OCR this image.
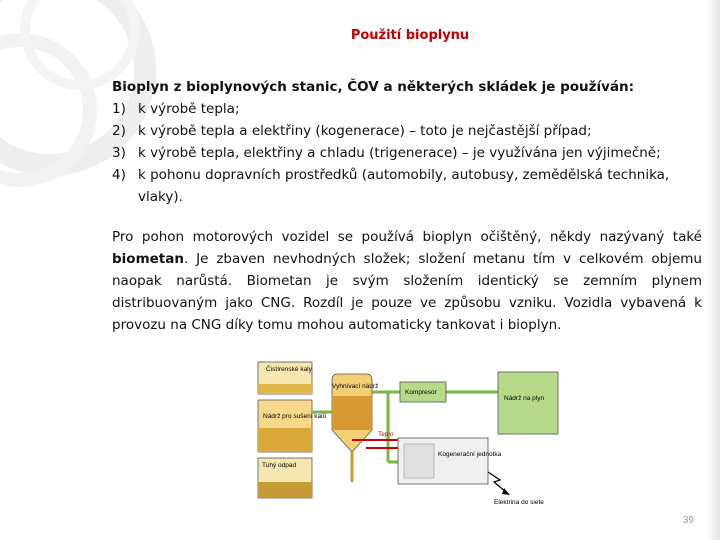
Použití bioplynu

Bioplyn z bioplynových stanic, ČOV a některých skládek je používán:

1) k výrobě tepla;
2) k výrobě tepla a elektřiny (kogenerace) – toto je nejčastější případ;
3) k výrobě tepla, elektřiny a chladu (trigenerace) – je využívána jen výjimečně;
4) k pohonu dopravních prostředků (automobily, autobusy, zemědělská technika, vlaky).

Pro pohon motorových vozidel se používá bioplyn očištěný, někdy nazývaný také biometan. Je zbaven nevhodných složek; složení metanu tím v celkovém objemu naopak narůstá. Biometan je svým složením identický se zemním plynem distribuovaným jako CNG. Rozdíl je pouze ve způsobu vzniku. Vozidla vybavená k provozu na CNG díky tomu mohou automaticky tankovat i bioplyn.

Čistírenské kaly
Nádrž pro sušení kalů
Tuhý odpad
Vyhnívací nádrž
Kompresor
Nádrž na plyn
Teplo
Kogenerační jednotka
Elektrina do siete
39
